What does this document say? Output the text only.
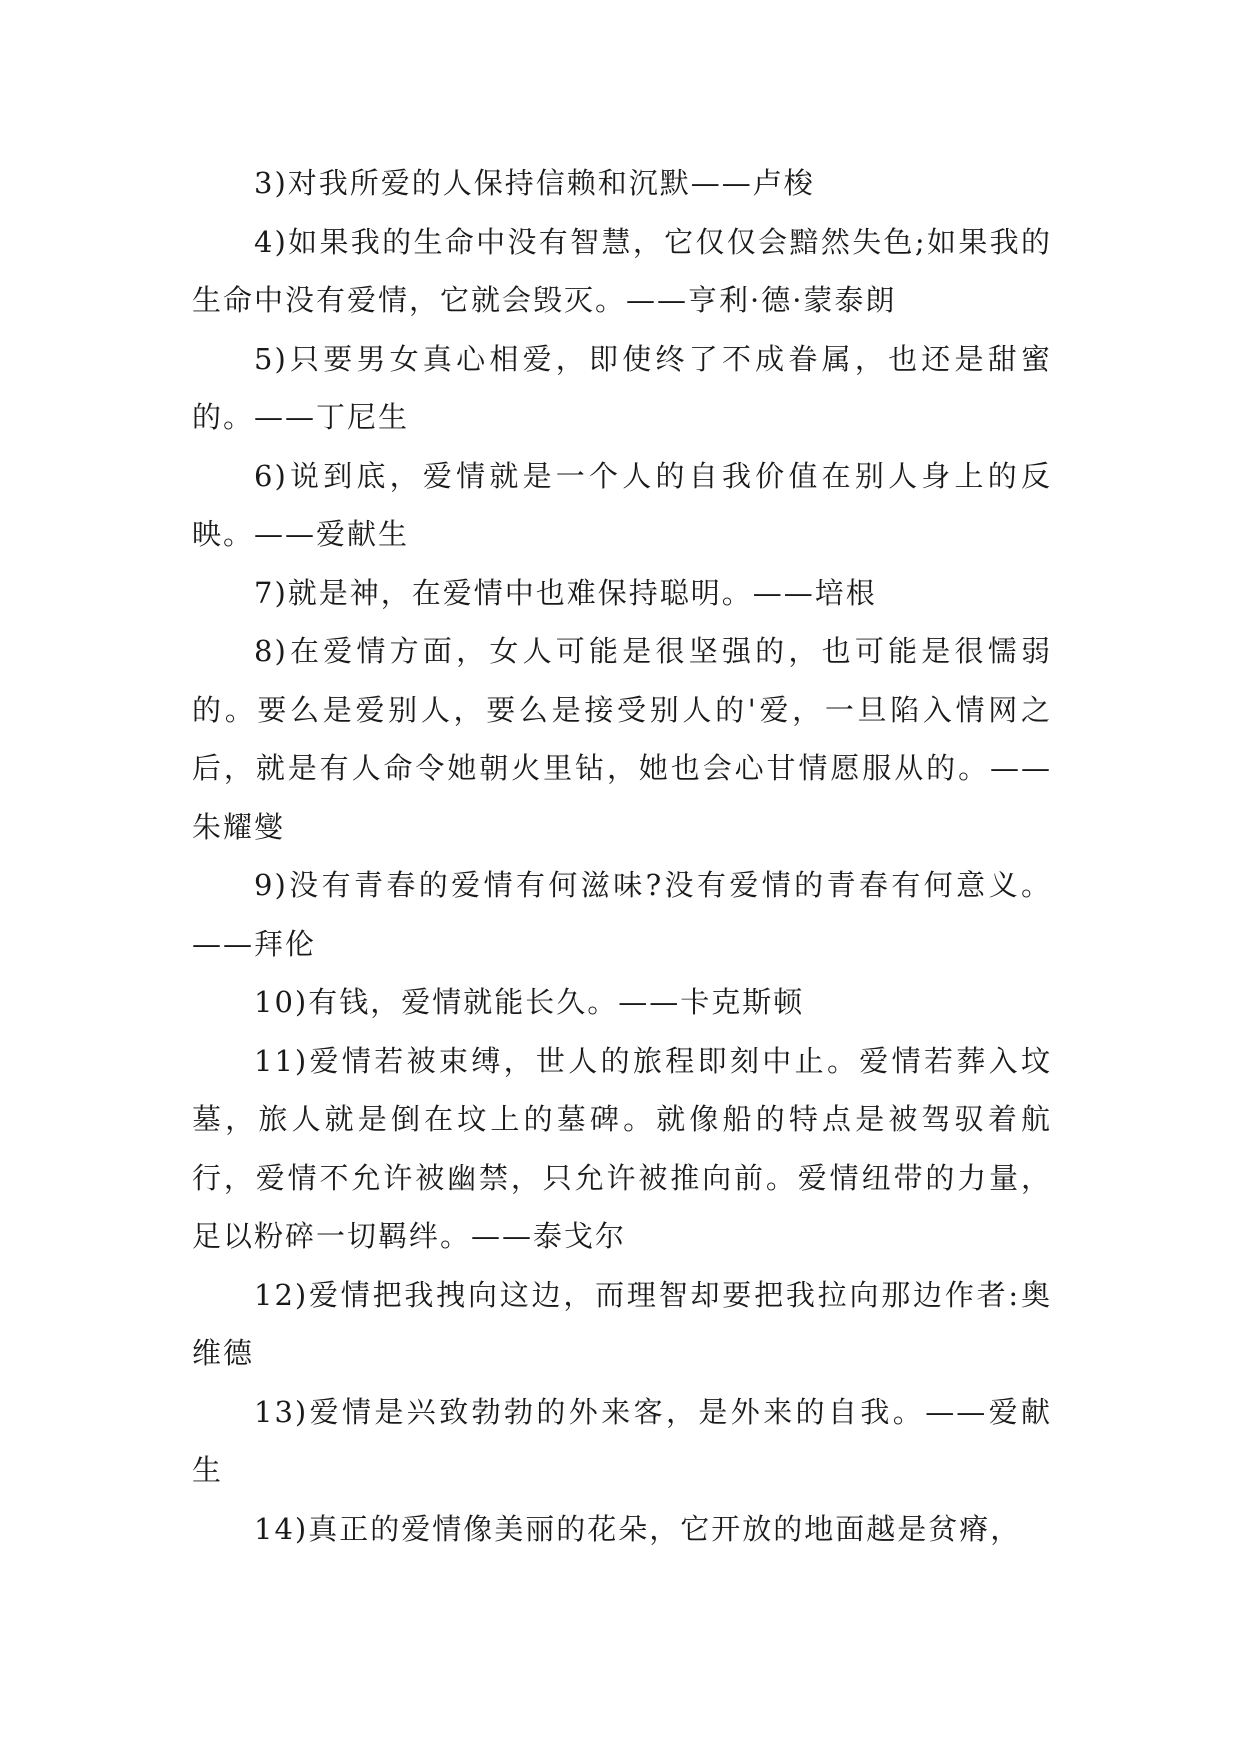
3)对我所爱的人保持信赖和沉默——卢梭

4)如果我的生命中没有智慧，它仅仅会黯然失色;如果我的生命中没有爱情，它就会毁灭。——亨利·德·蒙泰朗

5)只要男女真心相爱，即使终了不成眷属，也还是甜蜜的。——丁尼生

6)说到底，爱情就是一个人的自我价值在别人身上的反映。——爱献生

7)就是神，在爱情中也难保持聪明。——培根

8)在爱情方面，女人可能是很坚强的，也可能是很懦弱的。要么是爱别人，要么是接受别人的'爱，一旦陷入情网之后，就是有人命令她朝火里钻，她也会心甘情愿服从的。——朱耀燮

9)没有青春的爱情有何滋味?没有爱情的青春有何意义。——拜伦

10)有钱，爱情就能长久。——卡克斯顿

11)爱情若被束缚，世人的旅程即刻中止。爱情若葬入坟墓，旅人就是倒在坟上的墓碑。就像船的特点是被驾驭着航行，爱情不允许被幽禁，只允许被推向前。爱情纽带的力量，足以粉碎一切羁绊。——泰戈尔

12)爱情把我拽向这边，而理智却要把我拉向那边作者:奥维德

13)爱情是兴致勃勃的外来客，是外来的自我。——爱献生

14)真正的爱情像美丽的花朵，它开放的地面越是贫瘠，
